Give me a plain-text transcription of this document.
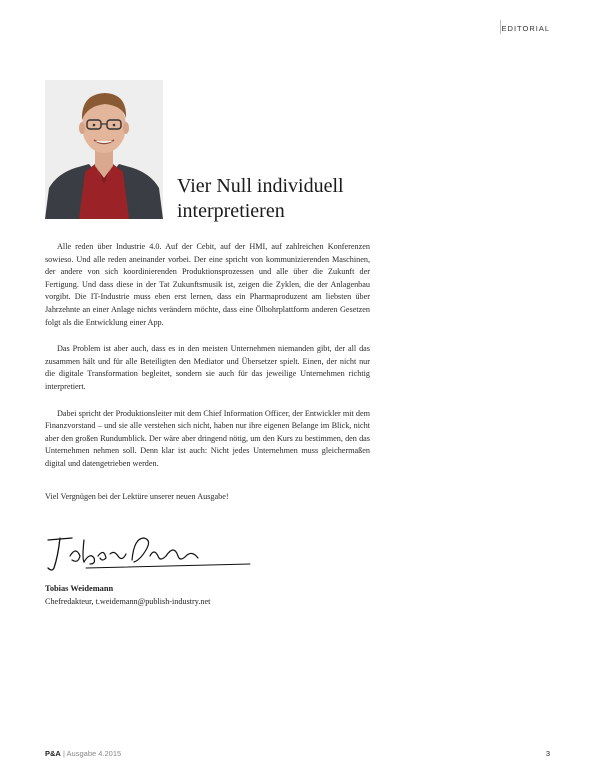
EDITORIAL
Vier Null individuell
interpretieren

Alle reden über Industrie 4.0. Auf der Cebit, auf der HMI, auf zahlreichen Konferenzen sowieso. Und alle reden aneinander vorbei. Der eine spricht von kommunizierenden Maschinen, der andere von sich koordinierenden Produktionsprozessen und alle über die Zukunft der Fertigung. Und dass diese in der Tat Zukunftsmusik ist, zeigen die Zyklen, die der Anlagenbau vorgibt. Die IT-Industrie muss eben erst lernen, dass ein Pharmaproduzent am liebsten über Jahrzehnte an einer Anlage nichts verändern möchte, dass eine Ölbohrplattform anderen Gesetzen folgt als die Entwicklung einer App.

Das Problem ist aber auch, dass es in den meisten Unternehmen niemanden gibt, der all das zusammen hält und für alle Beteiligten den Mediator und Übersetzer spielt. Einen, der nicht nur die digitale Transformation begleitet, sondern sie auch für das jeweilige Unternehmen richtig interpretiert.

Dabei spricht der Produktionsleiter mit dem Chief Information Officer, der Entwickler mit dem Finanzvorstand – und sie alle verstehen sich nicht, haben nur ihre eigenen Belange im Blick, nicht aber den großen Rundumblick. Der wäre aber dringend nötig, um den Kurs zu bestimmen, den das Unternehmen nehmen soll. Denn klar ist auch: Nicht jedes Unternehmen muss gleichermaßen digital und datengetrieben werden.

Viel Vergnügen bei der Lektüre unserer neuen Ausgabe!

Tobias Weidemann
Chefredakteur, t.weidemann@publish-industry.net
P&A | Ausgabe 4.2015	3
